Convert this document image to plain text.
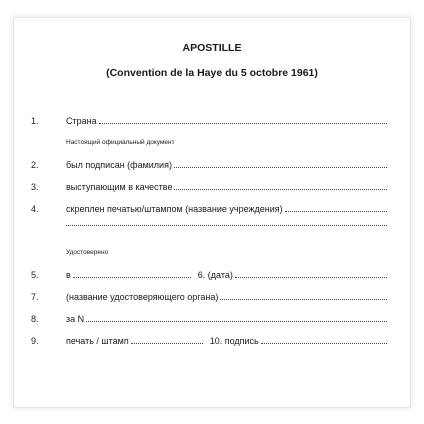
APOSTILLE
(Convention de la Haye du 5 octobre 1961)
1.	Страна
Настоящий официальный документ
2.	был подписан (фамилия)
3.	выступающим в качестве
4.	скреплен печатью/штампом (название учреждения)
Удостоверено
5.	в	6. (дата)
7.	(название удостоверяющего органа)
8.	за N
9.	печать / штамп	10. подпись
